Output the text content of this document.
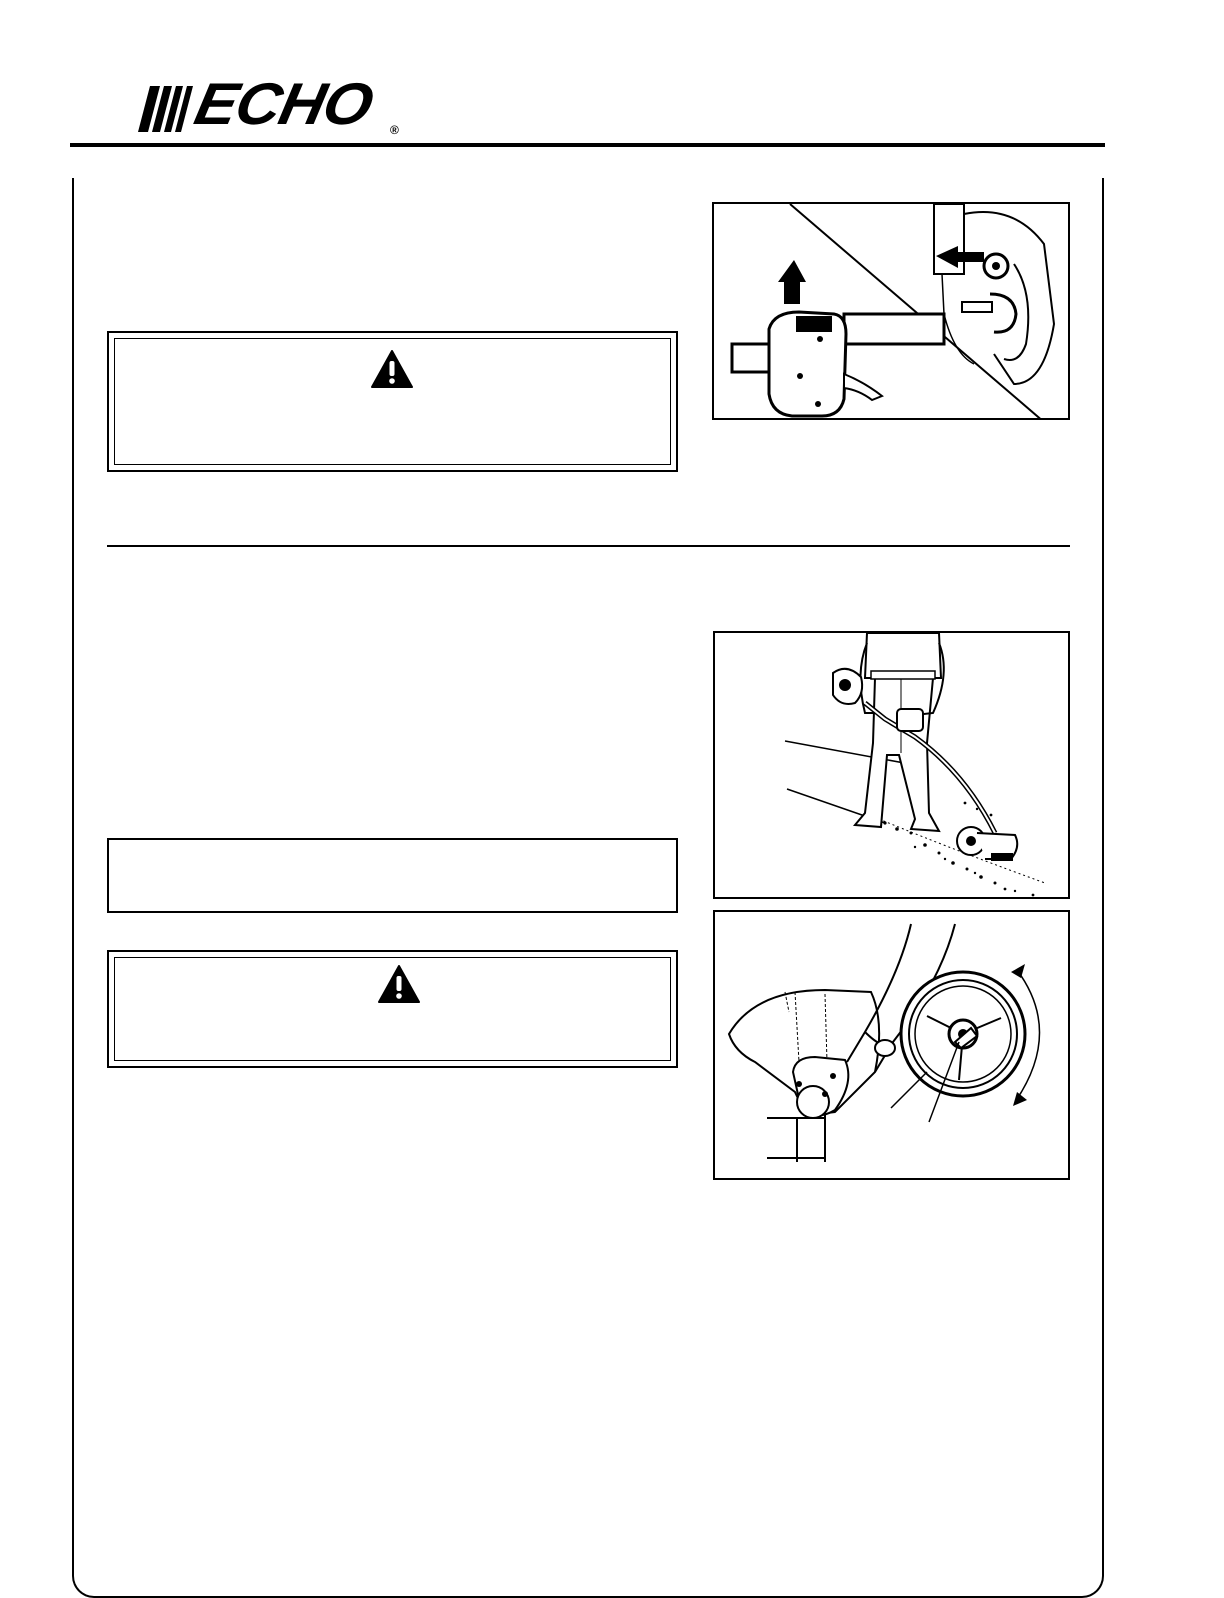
ECHO ®
